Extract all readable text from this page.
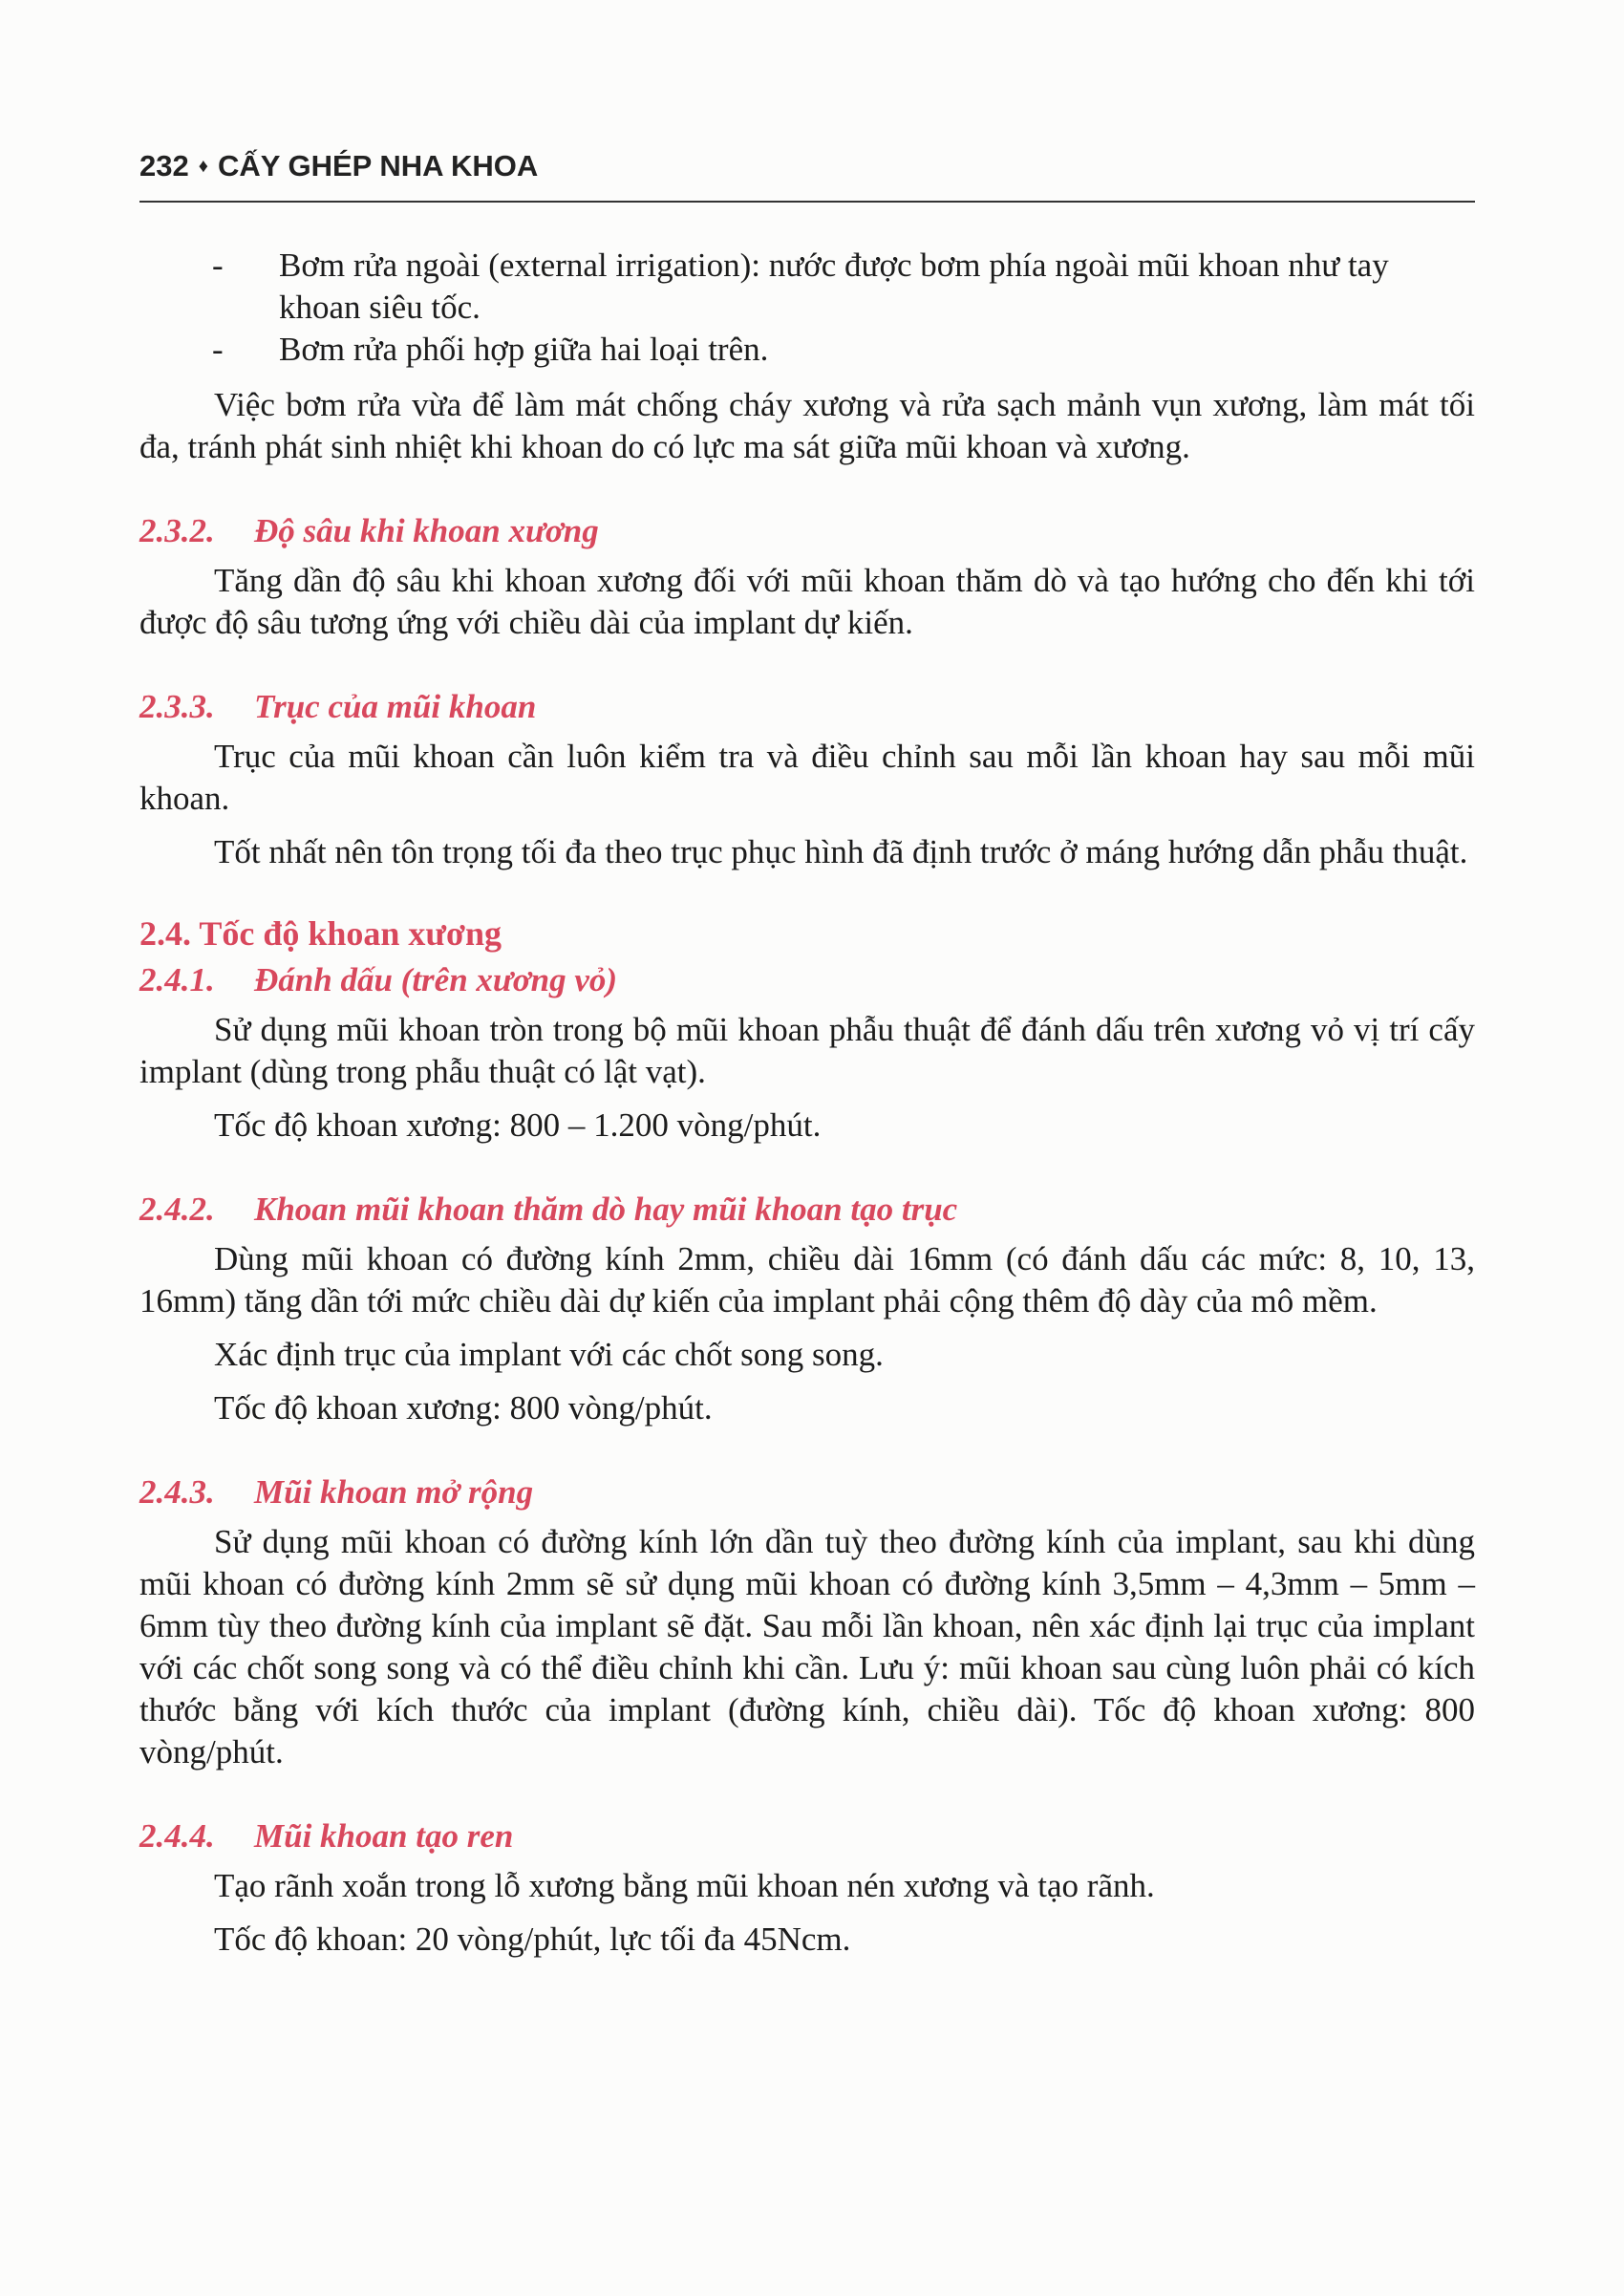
232 ♦ CẤY GHÉP NHA KHOA
-	Bơm rửa ngoài (external irrigation): nước được bơm phía ngoài mũi khoan như tay khoan siêu tốc.
-	Bơm rửa phối hợp giữa hai loại trên.

Việc bơm rửa vừa để làm mát chống cháy xương và rửa sạch mảnh vụn xương, làm mát tối đa, tránh phát sinh nhiệt khi khoan do có lực ma sát giữa mũi khoan và xương.

2.3.2. Độ sâu khi khoan xương

Tăng dần độ sâu khi khoan xương đối với mũi khoan thăm dò và tạo hướng cho đến khi tới được độ sâu tương ứng với chiều dài của implant dự kiến.

2.3.3. Trục của mũi khoan

Trục của mũi khoan cần luôn kiểm tra và điều chỉnh sau mỗi lần khoan hay sau mỗi mũi khoan.

Tốt nhất nên tôn trọng tối đa theo trục phục hình đã định trước ở máng hướng dẫn phẫu thuật.

2.4. Tốc độ khoan xương
2.4.1. Đánh dấu (trên xương vỏ)

Sử dụng mũi khoan tròn trong bộ mũi khoan phẫu thuật để đánh dấu trên xương vỏ vị trí cấy implant (dùng trong phẫu thuật có lật vạt).

Tốc độ khoan xương: 800 – 1.200 vòng/phút.

2.4.2. Khoan mũi khoan thăm dò hay mũi khoan tạo trục

Dùng mũi khoan có đường kính 2mm, chiều dài 16mm (có đánh dấu các mức: 8, 10, 13, 16mm) tăng dần tới mức chiều dài dự kiến của implant phải cộng thêm độ dày của mô mềm.

Xác định trục của implant với các chốt song song.

Tốc độ khoan xương: 800 vòng/phút.

2.4.3. Mũi khoan mở rộng

Sử dụng mũi khoan có đường kính lớn dần tuỳ theo đường kính của implant, sau khi dùng mũi khoan có đường kính 2mm sẽ sử dụng mũi khoan có đường kính 3,5mm – 4,3mm – 5mm – 6mm tùy theo đường kính của implant sẽ đặt. Sau mỗi lần khoan, nên xác định lại trục của implant với các chốt song song và có thể điều chỉnh khi cần. Lưu ý: mũi khoan sau cùng luôn phải có kích thước bằng với kích thước của implant (đường kính, chiều dài). Tốc độ khoan xương: 800 vòng/phút.

2.4.4. Mũi khoan tạo ren

Tạo rãnh xoắn trong lỗ xương bằng mũi khoan nén xương và tạo rãnh.

Tốc độ khoan: 20 vòng/phút, lực tối đa 45Ncm.
